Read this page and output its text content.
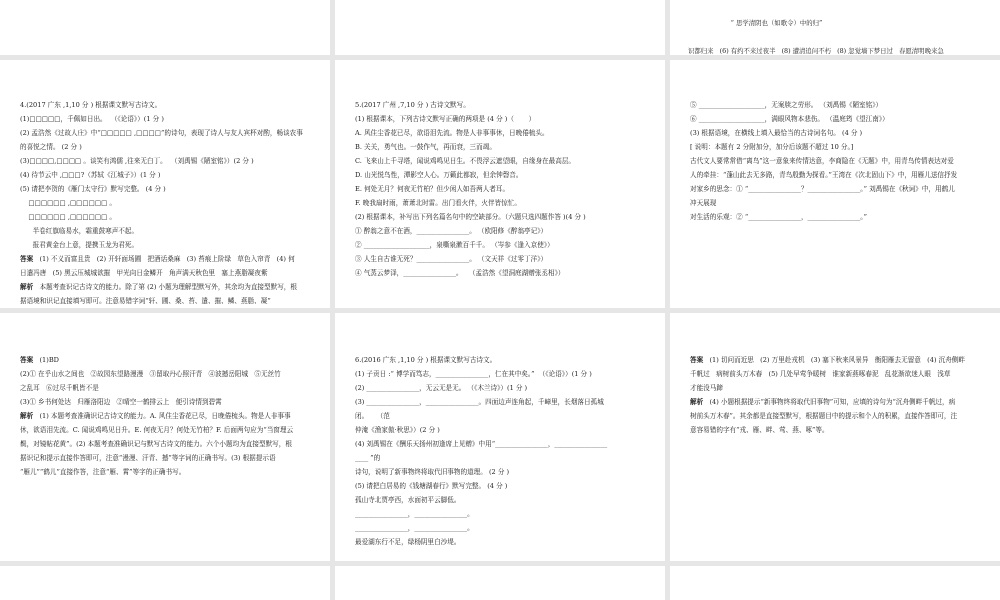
“ 思学清阴也（如歌令）中的归”

识都归来   (6) 有约不来过夜半   (8) 遭清追问不朽   (8) 忽觉墙下梦日过   春愿清明晚来急

4.(2017 广东 ,1,10 分 ) 根据课文默写古诗文。
(1)□□□□□，千佩如日出。  （《论语》）(1 分 )
(2) 孟浩然《过故人庄》中“□□□□□ ,□□□□”的诗句，表现了诗人与友人宾杯对酌，畅谈农事
的喜悦之情。 (2 分 )
(3)□□□□,□□□□ 。谈笑有鸿儒 ,往来无白丁。  （刘禹锡《陋室铭》）(2 分 )
(4) 待节云中 ,□□□?（苏轼《江城子》）(1 分 )
(5) 请把李贺的《雁门太守行》默写完整。 (4 分 )
□□□□□□ ,□□□□□□ 。
□□□□□□ ,□□□□□□ 。
半卷红旗临易水，霜重鼓寒声不起。
报君黄金台上意，提携玉龙为君死。
答案   (1) 不义而富且贵   (2) 开轩面场圃   把酒话桑麻   (3) 苔痕上阶绿   草色入帘青   (4) 何
日遣冯唐   (5) 黑云压城城欲摧   甲光向日金鳞开   角声满天秋色里   塞上燕脂凝夜紫
解析   本题考查识记古诗文的能力。除了第 (2) 小题为理解型默写外，其余均为直接型默写，根
据语境和识记直接填写即可。注意易错字词“轩、圃、桑、苔、遣、摧、鳞、燕脂、凝”
5.(2017 广州 ,7,10 分 ) 古诗文默写。
(1) 根据课本，下列古诗文默写正确的两项是 (4 分 )（       ）
A. 风住尘香花已尽，欲语泪先流。物是人非事事休，日晚倦梳头。
B. 关关，勇气也。一鼓作气，再而衰，三而竭。
C. 飞来山上千寻塔，闻说鸡鸣见日生。不畏浮云遮望眼，自缘身在最高层。
D. 山光悦鸟性，潭影空人心。万籁此都寂，但余钟磬音。
E. 何处无月？何夜无竹柏？但少闲人如吾两人者耳。
F. 晚我扇时雨，萧萧北时雷。出门看火伴，火伴皆惊忙。
(2) 根据课本，补写出下列名篇名句中的空缺部分。（六题只选四题作答 )(4 分 )
① 醉翁之意不在酒，________________。 （欧阳修《醉翁亭记》）
② ____________________，泉嘶泉漱百千千。 （岑参《逢入京使》）
③ 人生自古谁无死？________________。 （文天祥《过零丁洋》）
④ 气蒸云梦泽，________________。   （孟浩然《望洞庭湖赠张丞相》）
⑤ ____________________，无案牍之劳形。 （刘禹锡《陋室铭》）
⑥ ____________________，满眼风物本悲伤。 （温庭筠《望江南》）
(3) 根据语境，在横线上填入最恰当的古诗词名句。 (4 分 )
[ 说明：本题有 2 分附加分，加分后该题不超过 10 分。]
古代文人要常常借“离鸟”这一意象来传情达意，李商隐在《无题》中，用青鸟传情表达对爱
人的牵挂：“蓬山此去无多路，青鸟殷勤为探看。”王湾在《次北固山下》中，用雁儿送信抒发
对家乡的思念：① “________________？________________。” 刘禹锡在《秋词》中，用鹤儿
冲天展现
对生活的乐观：② “________________，________________。”
答案   (1)BD
(2)① 在乎山水之间也   ②故园东望路漫漫   ③留取丹心照汗青   ④波撼岳阳城   ⑤无丝竹
之乱耳   ⑥过尽千帆皆不是
(3)① 乡书何处达   归雁洛阳边   ②晴空一鹤排云上   便引诗情到碧霄
解析   (1) 本题考查准确识记古诗文的能力。A. 风住尘香花已尽，日晚倦梳头。物是人非事事
休，欲语泪先流。C. 闻说鸡鸣见日升。E. 何夜无月？何处无竹柏？F. 后面两句应为“当窗理云
鬓，对镜帖花黄”。(2) 本题考查准确识记与默写古诗文的能力。六个小题均为直接型默写，根
据识记和提示直接作答即可，注意“漫漫、汗青、撼”等字词的正确书写。(3) 根据提示语
“雁儿”“鹤儿”直接作答，注意“雁、霄”等字的正确书写。
6.(2016 广东 ,1,10 分 ) 根据课文默写古诗文。
(1) 子贡日 :“ 博学而笃志，________________，仁在其中矣。”  （《论语》）(1 分 )
(2) ________________，无云无是无。 （《木兰诗》）(1 分 )
(3) ________________，________________。四面边声连角起，千嶂里，长烟落日孤城
闭。    （范
仲淹《渔家傲·秋思》）(2 分 )
(4) 刘禹锡在《酬乐天扬州初逢席上见赠》中用“________________，________________
____ ”的
诗句，说明了新事物终将取代旧事物的道理。 (2 分 )
(5) 请把白居易的《钱塘湖春行》默写完整。 (4 分 )
孤山寺北贾亭西，水面初平云脚低。
________________，________________。
________________，________________。
最爱湖东行不足，绿杨阴里白沙堤。
答案   (1) 切问而近思   (2) 万里赴戎机   (3) 塞下秋来风景异   衡阳雁去无留意   (4) 沉舟侧畔
千帆过   病树前头万木春   (5) 几处早莺争暖树   谁家新燕啄春泥   乱花渐欲迷人眼   浅草
才能没马蹄
解析   (4) 小题根据提示“新事物终将取代旧事物”可知，应填的诗句为“沉舟侧畔千帆过，病
树前头万木春”。其余都是直接型默写，根据题目中的提示和个人的积累，直接作答即可，注
意容易错的字有“戎、雁、畔、莺、燕、啄”等。
